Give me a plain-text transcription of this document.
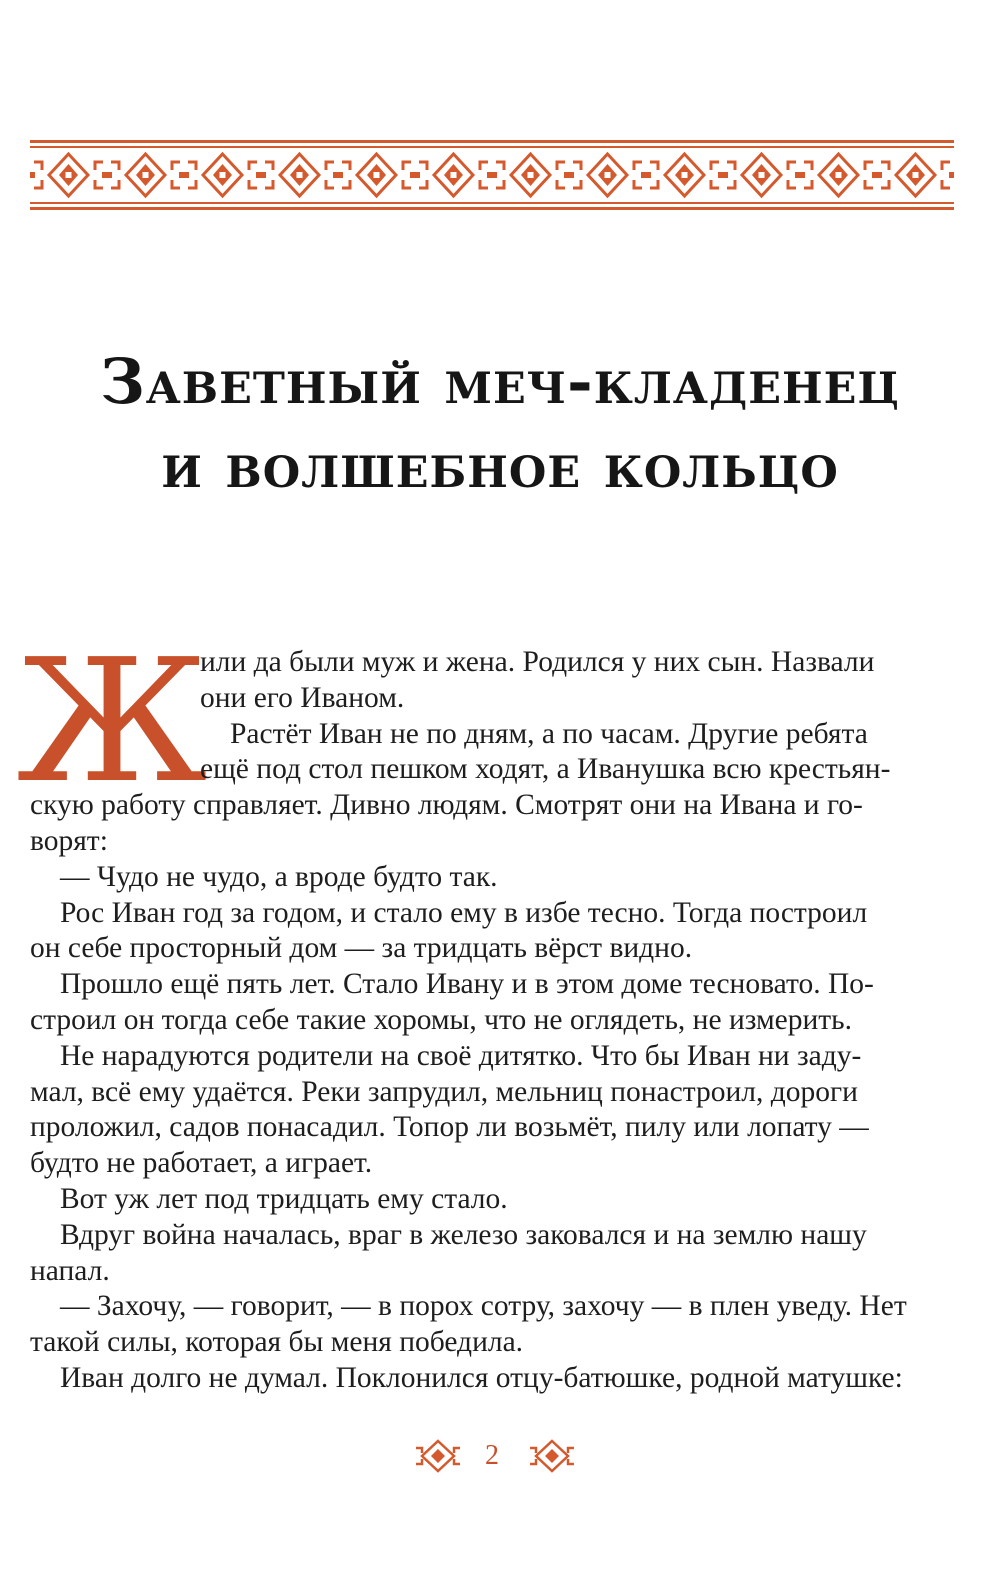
Заветный меч-кладенец
и волшебное кольцо
Ж
или да были муж и жена. Родился у них сын. Назвали
они его Иваном.
Растёт Иван не по дням, а по часам. Другие ребята
ещё под стол пешком ходят, а Иванушка всю крестьян-
скую работу справляет. Дивно людям. Смотрят они на Ивана и го-
ворят:
— Чудо не чудо, а вроде будто так.
Рос Иван год за годом, и стало ему в избе тесно. Тогда построил
он себе просторный дом — за тридцать вёрст видно.
Прошло ещё пять лет. Стало Ивану и в этом доме тесновато. По-
строил он тогда себе такие хоромы, что не оглядеть, не измерить.
Не нарадуются родители на своё дитятко. Что бы Иван ни заду-
мал, всё ему удаётся. Реки запрудил, мельниц понастроил, дороги
проложил, садов понасадил. Топор ли возьмёт, пилу или лопату —
будто не работает, а играет.
Вот уж лет под тридцать ему стало.
Вдруг война началась, враг в железо заковался и на землю нашу
напал.
— Захочу, — говорит, — в порох сотру, захочу — в плен уведу. Нет
такой силы, которая бы меня победила.
Иван долго не думал. Поклонился отцу-батюшке, родной матушке:
2
